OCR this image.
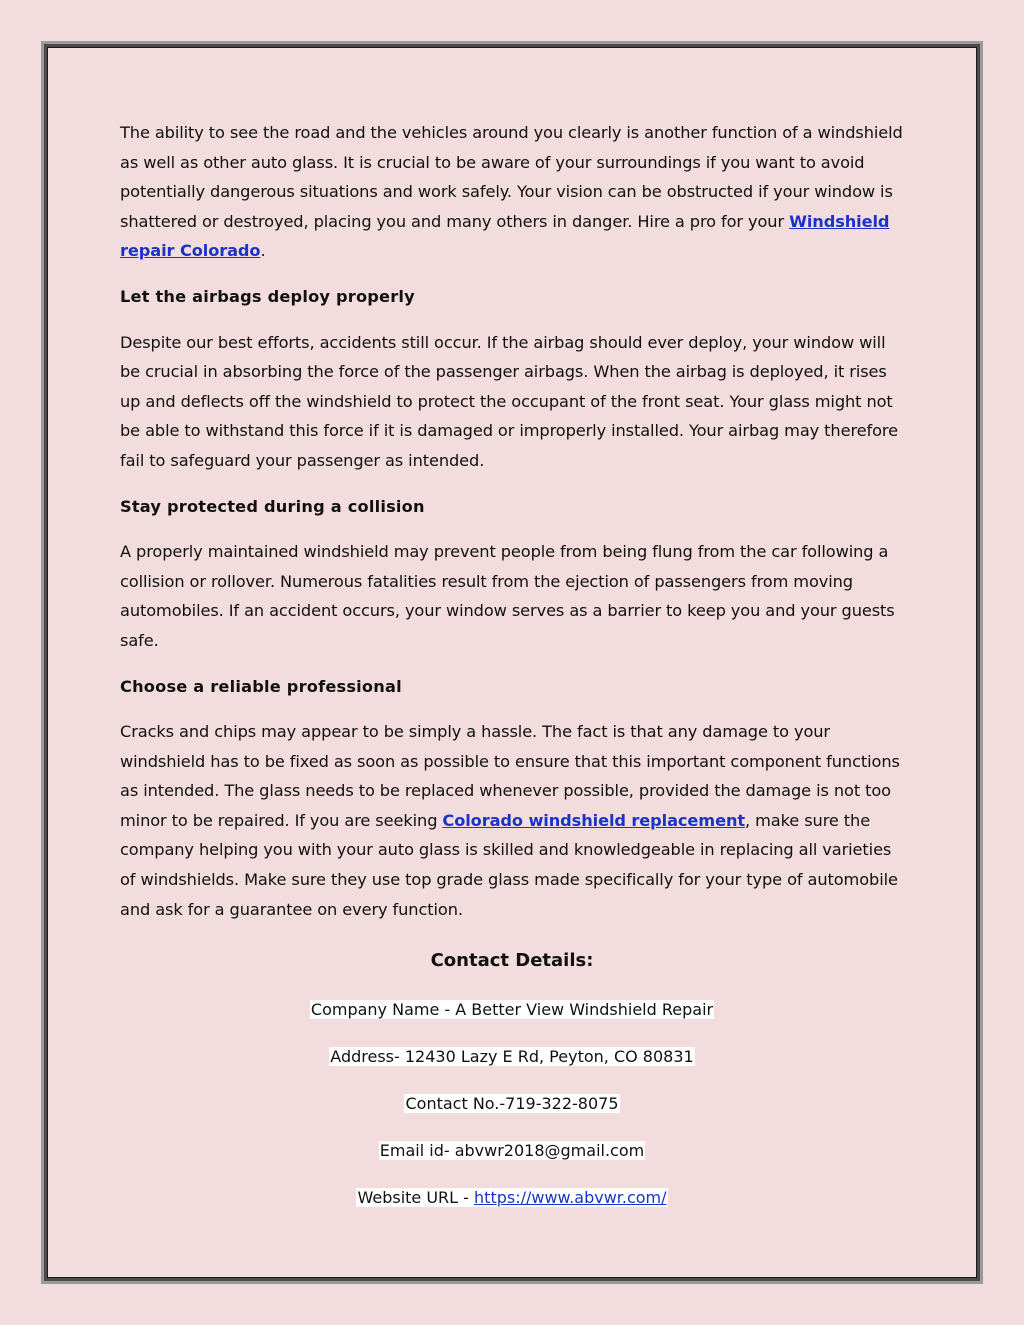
The ability to see the road and the vehicles around you clearly is another function of a windshield as well as other auto glass. It is crucial to be aware of your surroundings if you want to avoid potentially dangerous situations and work safely. Your vision can be obstructed if your window is shattered or destroyed, placing you and many others in danger. Hire a pro for your Windshield repair Colorado.

Let the airbags deploy properly

Despite our best efforts, accidents still occur. If the airbag should ever deploy, your window will be crucial in absorbing the force of the passenger airbags. When the airbag is deployed, it rises up and deflects off the windshield to protect the occupant of the front seat. Your glass might not be able to withstand this force if it is damaged or improperly installed. Your airbag may therefore fail to safeguard your passenger as intended.

Stay protected during a collision

A properly maintained windshield may prevent people from being flung from the car following a collision or rollover. Numerous fatalities result from the ejection of passengers from moving automobiles. If an accident occurs, your window serves as a barrier to keep you and your guests safe.

Choose a reliable professional

Cracks and chips may appear to be simply a hassle. The fact is that any damage to your windshield has to be fixed as soon as possible to ensure that this important component functions as intended. The glass needs to be replaced whenever possible, provided the damage is not too minor to be repaired. If you are seeking Colorado windshield replacement, make sure the company helping you with your auto glass is skilled and knowledgeable in replacing all varieties of windshields. Make sure they use top grade glass made specifically for your type of automobile and ask for a guarantee on every function.

Contact Details:
Company Name - A Better View Windshield Repair
Address- 12430 Lazy E Rd, Peyton, CO 80831
Contact No.-719-322-8075
Email id- abvwr2018@gmail.com
Website URL - https://www.abvwr.com/
